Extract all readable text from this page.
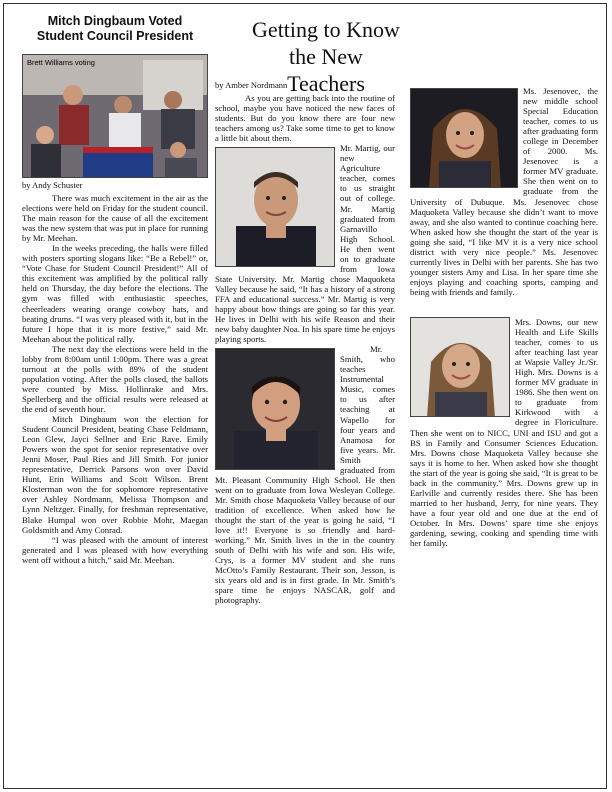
Mitch Dingbaum Voted
Student Council President
Brett Williams voting
by Andy Schuster

There was much excitement in the air as the elections were held on Friday for the student council. The main reason for the cause of all the excitement was the new system that was put in place for running by Mr. Meehan.

In the weeks preceding, the halls were filled with posters sporting slogans like: “Be a Rebel!” or, “Vote Chase for Student Council President!” All of this excitement was amplified by the political rally held on Thursday, the day before the elections. The gym was filled with enthusiastic speeches, cheerleaders wearing orange cowboy hats, and beating drums. “I was very pleased with it, but in the future I hope that it is more festive,” said Mr. Meehan about the political rally.

The next day the elections were held in the lobby from 8:00am until 1:00pm. There was a great turnout at the polls with 89% of the student population voting. After the polls closed, the ballots were counted by Miss. Hollinrake and Mrs. Spellerberg and the official results were released at the end of seventh hour.

Mitch Dingbaum won the election for Student Council President, beating Chase Feldmann, Leon Glew, Jayci Sellner and Eric Rave. Emily Powers won the spot for senior representative over Jenni Moser, Paul Ries and Jill Smith. For junior representative, Derrick Parsons won over David Hunt, Erin Williams and Scott Wilson. Brent Klosterman won the for sophomore representative over Ashley Nordmann, Melissa Thompson and Lynn Neltzger. Finally, for freshman representative, Blake Humpal won over Robbie Mohr, Maegan Goldsmith and Amy Conrad.

“I was pleased with the amount of interest generated and I was pleased with how everything went off without a hitch,” said Mr. Meehan.

Getting to Know the New
Teachers
by Amber Nordmann

As you are getting back into the routine of school, maybe you have noticed the new faces of students. But do you know there are four new teachers among us? Take some time to get to know a little bit about them.

Mr. Martig, our new Agriculture teacher, comes to us straight out of college. Mr. Martig graduated from Garnavillo High School. He then went on to graduate from Iowa State University. Mr. Martig chose Maquoketa Valley because he said, “It has a history of a strong FFA and educational success.” Mr. Martig is very happy about how things are going so far this year. He lives in Delhi with his wife Reason and their new baby daughter Noa. In his spare time he enjoys playing sports.

Mr. Smith, who teaches Instrumental Music, comes to us after teaching at Wapello for four years and Anamosa for five years. Mr. Smith graduated from Mt. Pleasant Community High School. He then went on to graduate from Iowa Wesleyan College. Mr. Smith chose Maquoketa Valley because of our tradition of excellence. When asked how he thought the start of the year is going he said, “I love it!! Everyone is so friendly and hard-working.” Mr. Smith lives in the in the country south of Delhi with his wife and son. His wife, Crys, is a former MV student and she runs McOtto’s Family Restaurant. Their son, Jesson, is six years old and is in first grade. In Mr. Smith’s spare time he enjoys NASCAR, golf and photography.

Ms. Jesenovec, the new middle school Special Education teacher, comes to us after graduating form college in December of 2000. Ms. Jesenovec is a former MV graduate. She then went on to graduate from the University of Dubuque. Ms. Jesenovec chose Maquoketa Valley because she didn’t want to move away, and she also wanted to continue coaching here. When asked how she thought the start of the year is going she said, “I like MV it is a very nice school district with very nice people.” Ms. Jesenovec currently lives in Delhi with her parents. She has two younger sisters Amy and Lisa. In her spare time she enjoys playing and coaching sports, camping and being with friends and family.

Mrs. Downs, our new Health and Life Skills teacher, comes to us after teaching last year at Wapsie Valley Jr./Sr. High. Mrs. Downs is a former MV graduate in 1986. She then went on to graduate from Kirkwood with a degree in Floriculture. Then she went on to NICC, UNI and ISU and got a BS in Family and Consumer Sciences Education. Mrs. Downs chose Maquoketa Valley because she says it is home to her. When asked how she thought the start of the year is going she said, “It is great to be back in the community.” Mrs. Downs grew up in Earlville and currently resides there. She has been married to her husband, Jerry, for nine years. They have a four year old and one due at the end of October. In Mrs. Downs’ spare time she enjoys gardening, sewing, cooking and spending time with her family.
